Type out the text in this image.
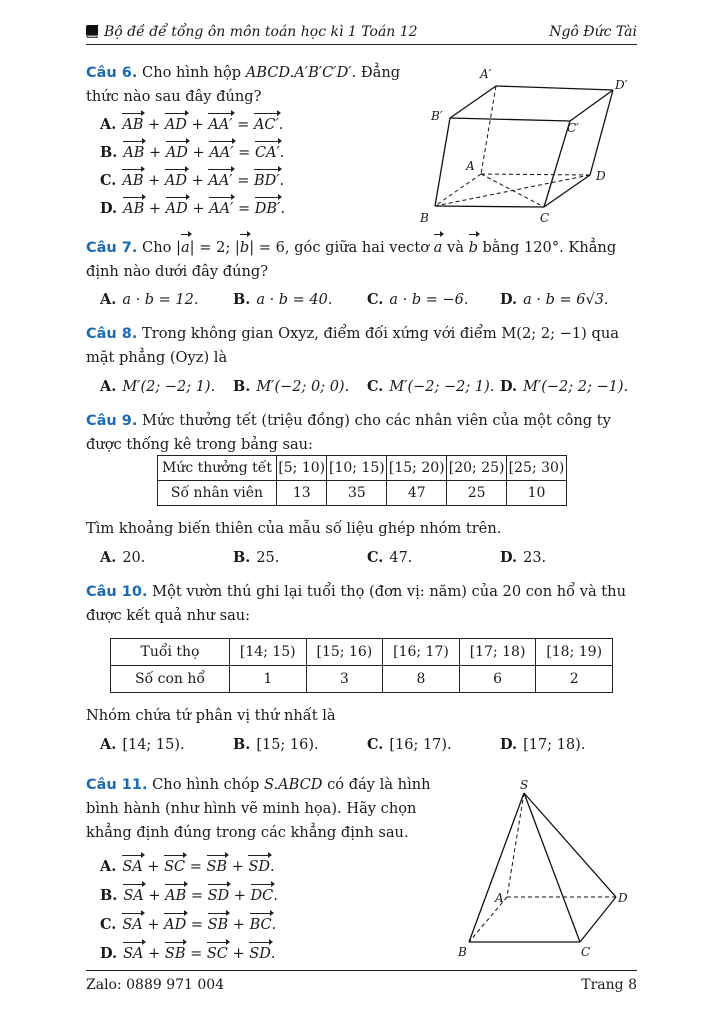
Bộ đề để tổng ôn môn toán học kì 1 Toán 12	Ngô Đức Tài
Câu 6. Cho hình hộp ABCD.A′B′C′D′. Đẳng thức nào sau đây đúng?
A. AB + AD + AA′ = AC′.
B. AB + AD + AA′ = CA′.
C. AB + AD + AA′ = BD′.
D. AB + AD + AA′ = DB′.
A′
D′
B′
C′
A
D
B	C
Câu 7. Cho |a| = 2; |b| = 6, góc giữa hai vectơ a và b bằng 120°. Khẳng định nào dưới đây đúng?
A. a · b = 12. B. a · b = 40. C. a · b = −6. D. a · b = 6√3.
Câu 8. Trong không gian Oxyz, điểm đối xứng với điểm M(2; 2; −1) qua mặt phẳng (Oyz) là
A. M′(2; −2; 1). B. M′(−2; 0; 0). C. M′(−2; −2; 1). D. M′(−2; 2; −1).
Câu 9. Mức thưởng tết (triệu đồng) cho các nhân viên của một công ty được thống kê trong bảng sau:
Mức thưởng tết	[5; 10)	[10; 15)	[15; 20)	[20; 25)	[25; 30)
Số nhân viên	13	35	47	25	10
Tìm khoảng biến thiên của mẫu số liệu ghép nhóm trên.
A. 20.	B. 25.	C. 47.	D. 23.
Câu 10. Một vườn thú ghi lại tuổi thọ (đơn vị: năm) của 20 con hổ và thu được kết quả như sau:
Tuổi thọ	[14; 15)	[15; 16)	[16; 17)	[17; 18)	[18; 19)
Số con hổ	1	3	8	6	2
Nhóm chứa tứ phân vị thứ nhất là
A. [14; 15).	B. [15; 16).	C. [16; 17).	D. [17; 18).
Câu 11. Cho hình chóp S.ABCD có đáy là hình bình hành (như hình vẽ minh họa). Hãy chọn khẳng định đúng trong các khẳng định sau.
A. SA + SC = SB + SD.
B. SA + AB = SD + DC.
C. SA + AD = SB + BC.
D. SA + SB = SC + SD.
S
A	D
B	C
Zalo: 0889 971 004	Trang 8
